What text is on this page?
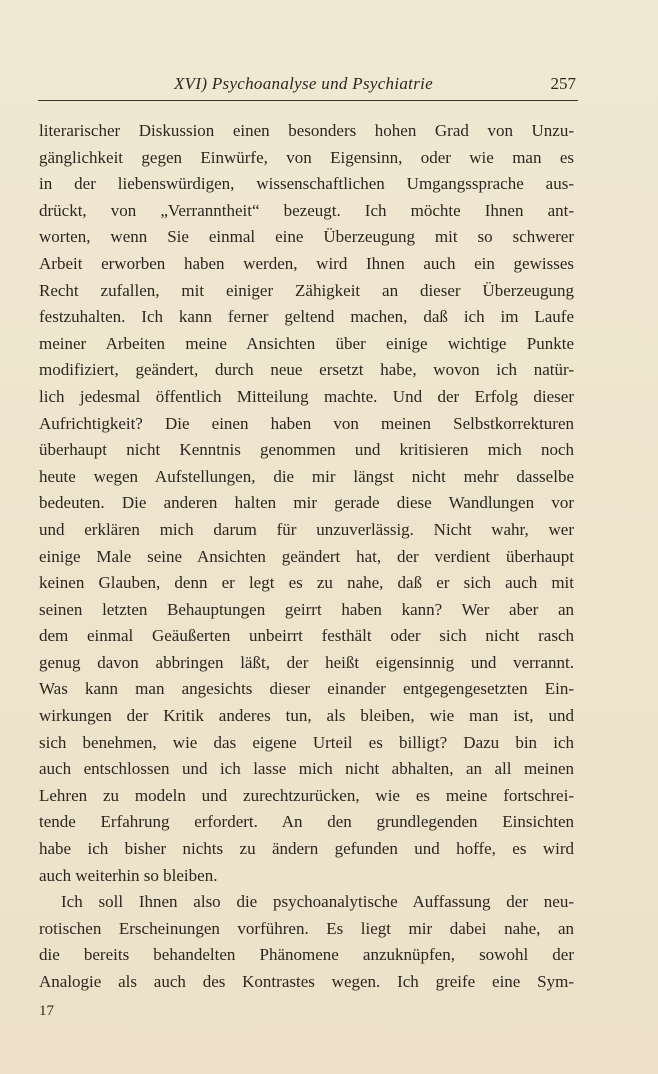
XVI) Psychoanalyse und Psychiatrie	257
literarischer Diskussion einen besonders hohen Grad von Unzu-
gänglichkeit gegen Einwürfe, von Eigensinn, oder wie man es
in der liebenswürdigen, wissenschaftlichen Umgangssprache aus-
drückt, von „Verranntheit“ bezeugt. Ich möchte Ihnen ant-
worten, wenn Sie einmal eine Überzeugung mit so schwerer
Arbeit erworben haben werden, wird Ihnen auch ein gewisses
Recht zufallen, mit einiger Zähigkeit an dieser Überzeugung
festzuhalten. Ich kann ferner geltend machen, daß ich im Laufe
meiner Arbeiten meine Ansichten über einige wichtige Punkte
modifiziert, geändert, durch neue ersetzt habe, wovon ich natür-
lich jedesmal öffentlich Mitteilung machte. Und der Erfolg dieser
Aufrichtigkeit? Die einen haben von meinen Selbstkorrekturen
überhaupt nicht Kenntnis genommen und kritisieren mich noch
heute wegen Aufstellungen, die mir längst nicht mehr dasselbe
bedeuten. Die anderen halten mir gerade diese Wandlungen vor
und erklären mich darum für unzuverlässig. Nicht wahr, wer
einige Male seine Ansichten geändert hat, der verdient überhaupt
keinen Glauben, denn er legt es zu nahe, daß er sich auch mit
seinen letzten Behauptungen geirrt haben kann? Wer aber an
dem einmal Geäußerten unbeirrt festhält oder sich nicht rasch
genug davon abbringen läßt, der heißt eigensinnig und verrannt.
Was kann man angesichts dieser einander entgegengesetzten Ein-
wirkungen der Kritik anderes tun, als bleiben, wie man ist, und
sich benehmen, wie das eigene Urteil es billigt? Dazu bin ich
auch entschlossen und ich lasse mich nicht abhalten, an all meinen
Lehren zu modeln und zurechtzurücken, wie es meine fortschrei-
tende Erfahrung erfordert. An den grundlegenden Einsichten
habe ich bisher nichts zu ändern gefunden und hoffe, es wird
auch weiterhin so bleiben.
Ich soll Ihnen also die psychoanalytische Auffassung der neu-
rotischen Erscheinungen vorführen. Es liegt mir dabei nahe, an
die bereits behandelten Phänomene anzuknüpfen, sowohl der
Analogie als auch des Kontrastes wegen. Ich greife eine Sym-
17
